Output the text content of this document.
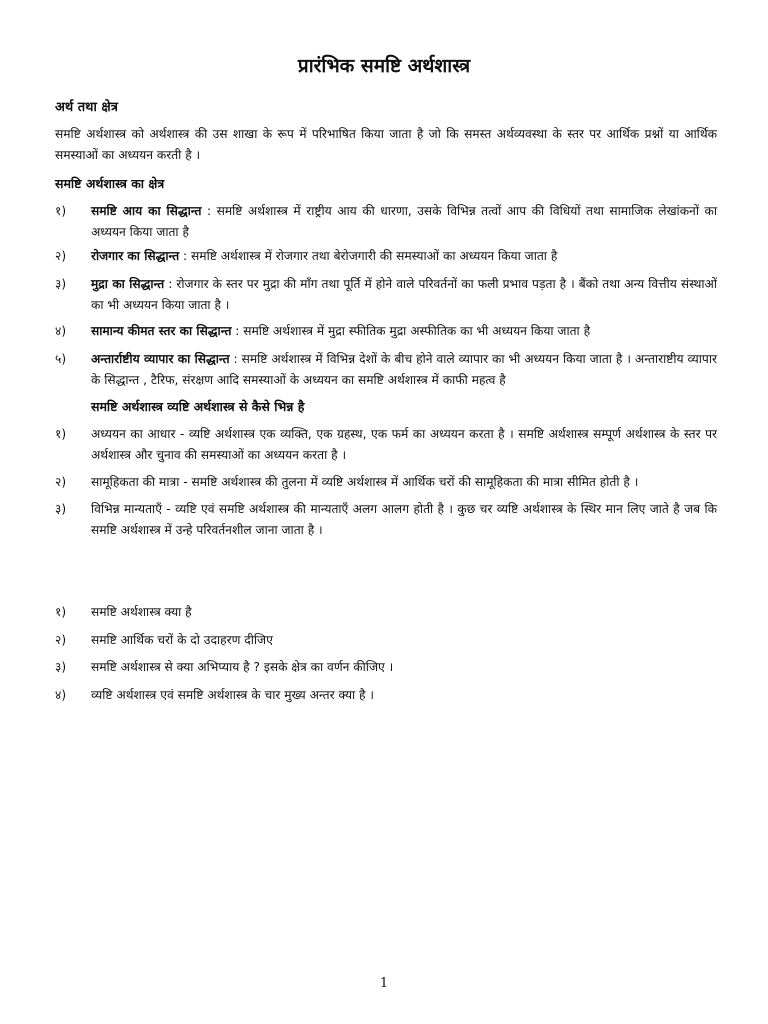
प्रारंभिक समष्टि अर्थशास्त्र
अर्थ तथा क्षेत्र
समष्टि अर्थशास्त्र को अर्थशास्त्र की उस शाखा के रूप में परिभाषित किया जाता है जो कि समस्त अर्थव्यवस्था के स्तर पर आर्थिक प्रश्नों या आर्थिक समस्याओं का अध्ययन करती है ।
समष्टि अर्थशास्त्र का क्षेत्र
१)	समष्टि आय का सिद्धान्त : समष्टि अर्थशास्त्र में राष्ट्रीय आय की धारणा, उसके विभिन्न तत्वों आप की विधियों तथा सामाजिक लेखांकनों का अध्ययन किया जाता है
२)	रोजगार का सिद्धान्त : समष्टि अर्थशास्त्र में रोजगार तथा बेरोजगारी की समस्याओं का अध्ययन किया जाता है
३)	मुद्रा का सिद्धान्त : रोजगार के स्तर पर मुद्रा की माँग तथा पूर्ति में होने वाले परिवर्तनों का फली प्रभाव पड़ता है । बैंको तथा अन्य वित्तीय संस्थाओं का भी अध्ययन किया जाता है ।
४)	सामान्य कीमत स्तर का सिद्धान्त : समष्टि अर्थशास्त्र में मुद्रा स्फीतिक मुद्रा अस्फीतिक का भी अध्ययन किया जाता है
५)	अन्तार्राष्टीय व्यापार का सिद्धान्त : समष्टि अर्थशास्त्र में विभिन्न देशों के बीच होने वाले व्यापार का भी अध्ययन किया जाता है । अन्ताराष्टीय व्यापार के सिद्धान्त , टैरिफ, संरक्षण आदि समस्याओं के अध्ययन का समष्टि अर्थशास्त्र में काफी महत्व है
समष्टि अर्थशास्त्र व्यष्टि अर्थशास्त्र से कैसे भिन्न है
१)	अध्ययन का आधार - व्यष्टि अर्थशास्त्र एक व्यक्ति, एक ग्रहस्थ, एक फर्म का अध्ययन करता है । समष्टि अर्थशास्त्र सम्पूर्ण अर्थशास्त्र के स्तर पर अर्थशास्त्र और चुनाव की समस्याओं का अध्ययन करता है ।
२)	सामूहिकता की मात्रा - समष्टि अर्थशास्त्र की तुलना में व्यष्टि अर्थशास्त्र में आर्थिक चरों की सामूहिकता की मात्रा सीमित होती है ।
३)	विभिन्न मान्यताएँ - व्यष्टि एवं समष्टि अर्थशास्त्र की मान्यताएँ अलग आलग होती है । कुछ चर व्यष्टि अर्थशास्त्र के स्थिर मान लिए जाते है जब कि समष्टि अर्थशास्त्र में उन्हे परिवर्तनशील जाना जाता है ।
१)	समष्टि अर्थशास्त्र क्या है
२)	समष्टि आर्थिक चरों के दो उदाहरण दीजिए
३)	समष्टि अर्थशास्त्र से क्या अभिप्याय है ? इसके क्षेत्र का वर्णन कीजिए ।
४)	व्यष्टि अर्थशास्त्र एवं समष्टि अर्थशास्त्र के चार मुख्य अन्तर क्या है ।
1
